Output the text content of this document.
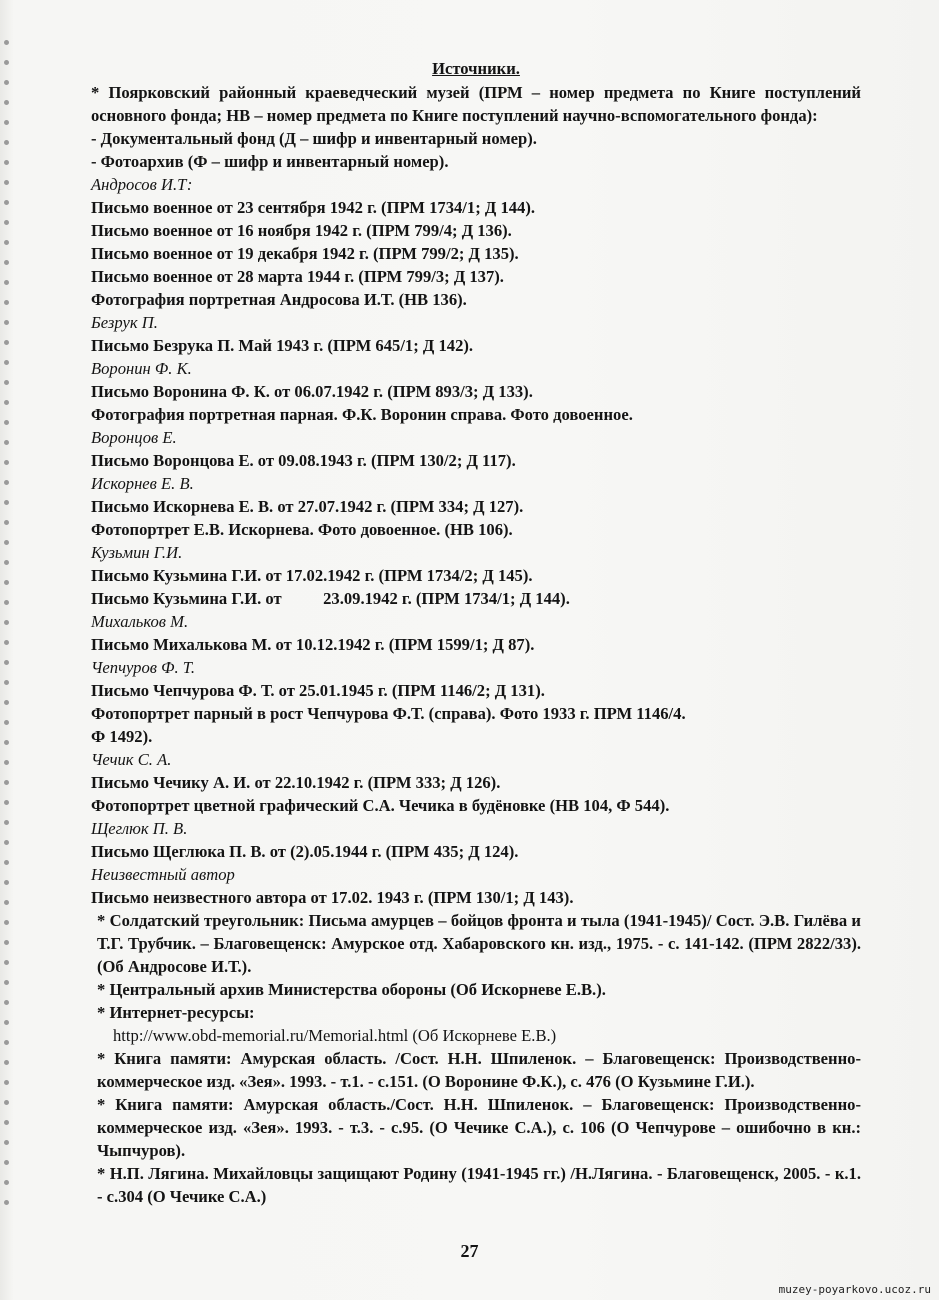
Источники.

* Поярковский районный краеведческий музей (ПРМ – номер предмета по Книге поступлений основного фонда; НВ – номер предмета по Книге поступлений научно-вспомогательного фонда):

- Документальный фонд (Д – шифр и инвентарный номер).

- Фотоархив (Ф – шифр и инвентарный номер).

Андросов И.Т:

Письмо военное от 23 сентября 1942 г. (ПРМ 1734/1; Д 144).

Письмо военное от 16 ноября 1942 г. (ПРМ 799/4; Д 136).

Письмо военное от 19 декабря 1942 г. (ПРМ 799/2; Д 135).

Письмо военное от 28 марта 1944 г. (ПРМ 799/3; Д 137).

Фотография портретная Андросова И.Т. (НВ 136).

Безрук П.

Письмо Безрука П. Май 1943 г. (ПРМ 645/1; Д 142).

Воронин Ф. К.

Письмо Воронина Ф. К. от 06.07.1942 г. (ПРМ 893/3; Д 133).

Фотография портретная парная. Ф.К. Воронин справа. Фото довоенное.

Воронцов Е.

Письмо Воронцова Е. от 09.08.1943 г. (ПРМ 130/2; Д 117).

Искорнев Е. В.

Письмо Искорнева Е. В. от 27.07.1942 г. (ПРМ 334; Д 127).

Фотопортрет Е.В. Искорнева. Фото довоенное. (НВ 106).

Кузьмин Г.И.

Письмо Кузьмина Г.И. от 17.02.1942 г. (ПРМ 1734/2; Д 145).

Письмо Кузьмина Г.И. от          23.09.1942 г. (ПРМ 1734/1; Д 144).

Михальков М.

Письмо Михалькова М. от 10.12.1942 г. (ПРМ 1599/1; Д 87).

Чепчуров Ф. Т.

Письмо Чепчурова Ф. Т. от 25.01.1945 г. (ПРМ 1146/2; Д 131).

Фотопортрет парный в рост Чепчурова Ф.Т. (справа). Фото 1933 г. ПРМ 1146/4.

Ф 1492).

Чечик С. А.

Письмо Чечику А. И. от 22.10.1942 г. (ПРМ 333; Д 126).

Фотопортрет цветной графический С.А. Чечика в будёновке (НВ 104, Ф 544).

Щеглюк П. В.

Письмо Щеглюка П. В. от (2).05.1944 г. (ПРМ 435; Д 124).

Неизвестный автор

Письмо неизвестного автора от 17.02. 1943 г. (ПРМ 130/1; Д 143).

* Солдатский треугольник: Письма амурцев – бойцов фронта и тыла (1941-1945)/ Сост. Э.В. Гилёва и Т.Г. Трубчик. – Благовещенск: Амурское отд. Хабаровского кн. изд., 1975. - с. 141-142. (ПРМ 2822/33). (Об Андросове И.Т.).

* Центральный архив Министерства обороны (Об Искорневе Е.В.).

* Интернет-ресурсы:

http://www.obd-memorial.ru/Memorial.html (Об Искорневе Е.В.)

* Книга памяти: Амурская область. /Сост. Н.Н. Шпиленок. – Благовещенск: Производственно-коммерческое изд. «Зея». 1993. - т.1. - с.151. (О Воронине Ф.К.), с. 476 (О Кузьмине Г.И.).

* Книга памяти: Амурская область./Сост. Н.Н. Шпиленок. – Благовещенск: Производственно-коммерческое изд. «Зея». 1993. - т.3. - с.95. (О Чечике С.А.), с. 106 (О Чепчурове – ошибочно в кн.: Чыпчуров).

* Н.П. Лягина. Михайловцы защищают Родину (1941-1945 гг.) /Н.Лягина. - Благовещенск, 2005. - к.1. - с.304 (О Чечике С.А.)

27
muzey-poyarkovo.ucoz.ru
